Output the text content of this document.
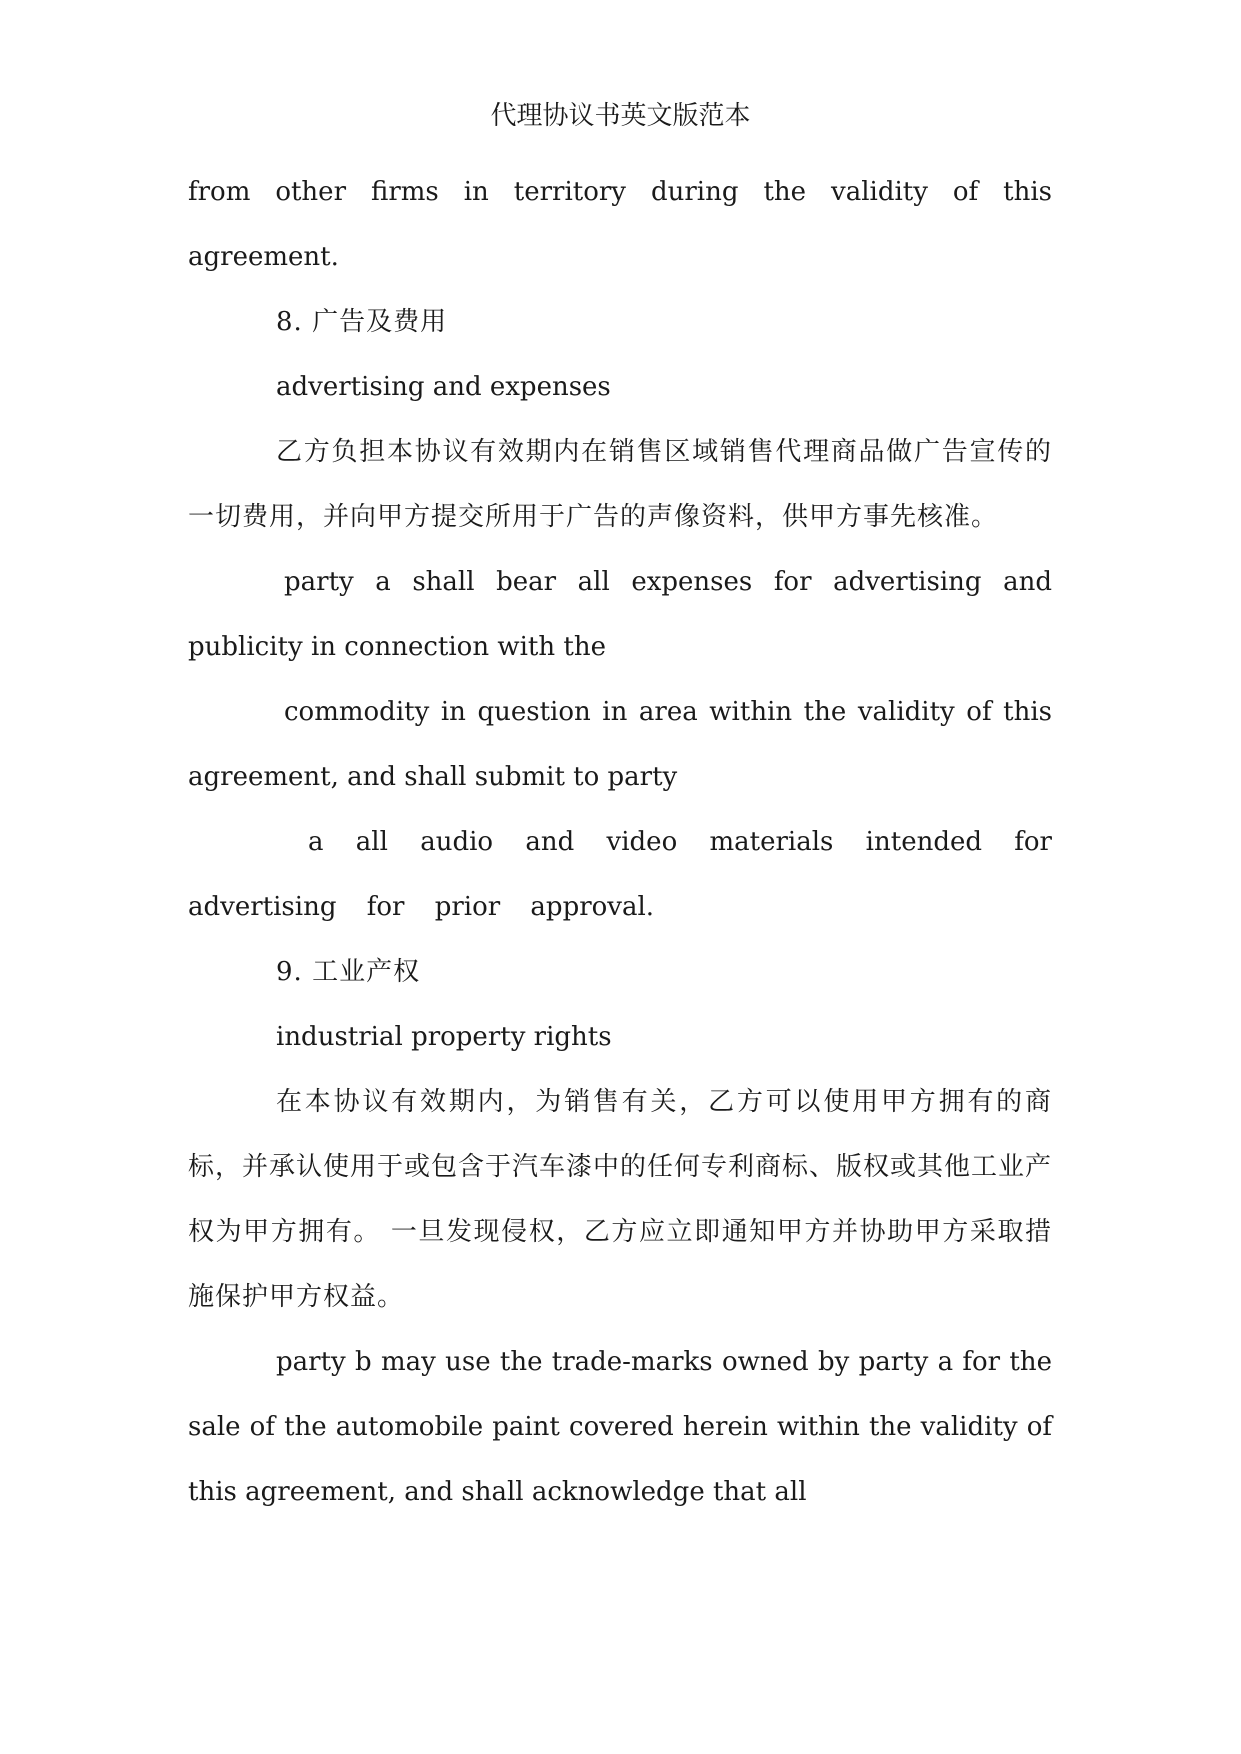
代理协议书英文版范本

from other firms in territory during the validity of this agreement.

8. 广告及费用

advertising and expenses

乙方负担本协议有效期内在销售区域销售代理商品做广告宣传的一切费用，并向甲方提交所用于广告的声像资料，供甲方事先核准。

party a shall bear all expenses for advertising and publicity in connection with the

commodity in question in area within the validity of this agreement, and shall submit to party

a all audio and video materials intended for advertising for prior approval.

9. 工业产权

industrial property rights

在本协议有效期内，为销售有关，乙方可以使用甲方拥有的商标，并承认使用于或包含于汽车漆中的任何专利商标、版权或其他工业产权为甲方拥有。 一旦发现侵权，乙方应立即通知甲方并协助甲方采取措施保护甲方权益。

party b may use the trade-marks owned by party a for the sale of the automobile paint covered herein within the validity of this agreement, and shall acknowledge that all
